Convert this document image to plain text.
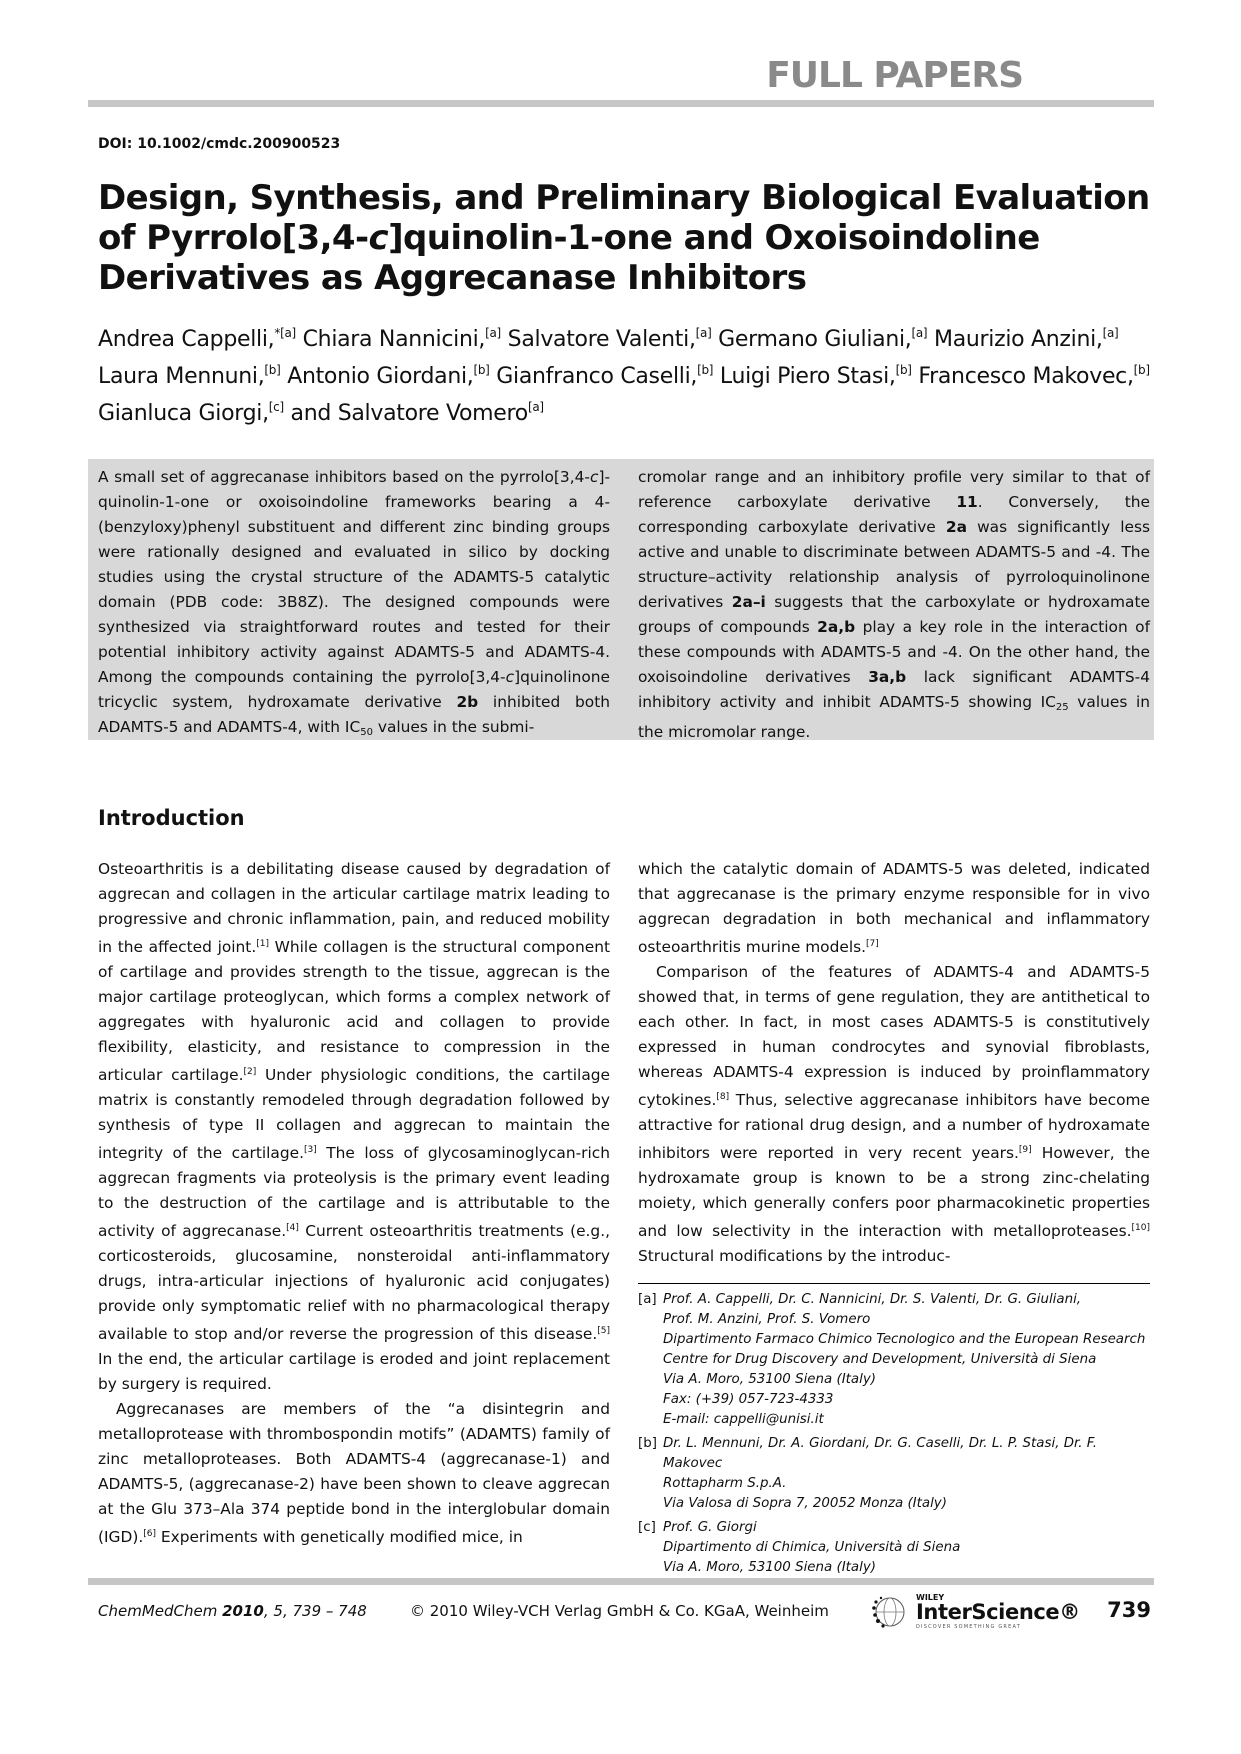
FULL PAPERS
DOI: 10.1002/cmdc.200900523
Design, Synthesis, and Preliminary Biological Evaluation of Pyrrolo[3,4-c]quinolin-1-one and Oxoisoindoline Derivatives as Aggrecanase Inhibitors
Andrea Cappelli,$^{*[a]}$ Chiara Nannicini,[a] Salvatore Valenti,[a] Germano Giuliani,[a] Maurizio Anzini,[a] Laura Mennuni,[b] Antonio Giordani,[b] Gianfranco Caselli,[b] Luigi Piero Stasi,[b] Francesco Makovec,[b] Gianluca Giorgi,[c] and Salvatore Vomero[a]
A small set of aggrecanase inhibitors based on the pyrrolo[3,4-c]-quinolin-1-one or oxoisoindoline frameworks bearing a 4-(benzyloxy)phenyl substituent and different zinc binding groups were rationally designed and evaluated in silico by docking studies using the crystal structure of the ADAMTS-5 catalytic domain (PDB code: 3B8Z). The designed compounds were synthesized via straightforward routes and tested for their potential inhibitory activity against ADAMTS-5 and ADAMTS-4. Among the compounds containing the pyrrolo[3,4-c]quinolinone tricyclic system, hydroxamate derivative 2b inhibited both ADAMTS-5 and ADAMTS-4, with $IC_{50}$ values in the submi-
cromolar range and an inhibitory profile very similar to that of reference carboxylate derivative 11. Conversely, the corresponding carboxylate derivative 2a was significantly less active and unable to discriminate between ADAMTS-5 and -4. The structure–activity relationship analysis of pyrroloquinolinone derivatives 2a–i suggests that the carboxylate or hydroxamate groups of compounds 2a,b play a key role in the interaction of these compounds with ADAMTS-5 and -4. On the other hand, the oxoisoindoline derivatives 3a,b lack significant ADAMTS-4 inhibitory activity and inhibit ADAMTS-5 showing $IC_{25}$ values in the micromolar range.
Introduction

Osteoarthritis is a debilitating disease caused by degradation of aggrecan and collagen in the articular cartilage matrix leading to progressive and chronic inflammation, pain, and reduced mobility in the affected joint.[1] While collagen is the structural component of cartilage and provides strength to the tissue, aggrecan is the major cartilage proteoglycan, which forms a complex network of aggregates with hyaluronic acid and collagen to provide flexibility, elasticity, and resistance to compression in the articular cartilage.[2] Under physiologic conditions, the cartilage matrix is constantly remodeled through degradation followed by synthesis of type II collagen and aggrecan to maintain the integrity of the cartilage.[3] The loss of glycosaminoglycan-rich aggrecan fragments via proteolysis is the primary event leading to the destruction of the cartilage and is attributable to the activity of aggrecanase.[4] Current osteoarthritis treatments (e.g., corticosteroids, glucosamine, nonsteroidal anti-inflammatory drugs, intra-articular injections of hyaluronic acid conjugates) provide only symptomatic relief with no pharmacological therapy available to stop and/or reverse the progression of this disease.[5] In the end, the articular cartilage is eroded and joint replacement by surgery is required.

Aggrecanases are members of the “a disintegrin and metalloprotease with thrombospondin motifs” (ADAMTS) family of zinc metalloproteases. Both ADAMTS-4 (aggrecanase-1) and ADAMTS-5, (aggrecanase-2) have been shown to cleave aggrecan at the Glu 373–Ala 374 peptide bond in the interglobular domain (IGD).[6] Experiments with genetically modified mice, in

which the catalytic domain of ADAMTS-5 was deleted, indicated that aggrecanase is the primary enzyme responsible for in vivo aggrecan degradation in both mechanical and inflammatory osteoarthritis murine models.[7]

Comparison of the features of ADAMTS-4 and ADAMTS-5 showed that, in terms of gene regulation, they are antithetical to each other. In fact, in most cases ADAMTS-5 is constitutively expressed in human condrocytes and synovial fibroblasts, whereas ADAMTS-4 expression is induced by proinflammatory cytokines.[8] Thus, selective aggrecanase inhibitors have become attractive for rational drug design, and a number of hydroxamate inhibitors were reported in very recent years.[9] However, the hydroxamate group is known to be a strong zinc-chelating moiety, which generally confers poor pharmacokinetic properties and low selectivity in the interaction with metalloproteases.[10] Structural modifications by the introduc-

[a] Prof. A. Cappelli, Dr. C. Nannicini, Dr. S. Valenti, Dr. G. Giuliani,
Prof. M. Anzini, Prof. S. Vomero
Dipartimento Farmaco Chimico Tecnologico and the European Research
Centre for Drug Discovery and Development, Università di Siena
Via A. Moro, 53100 Siena (Italy)
Fax: (+39) 057-723-4333
E-mail: cappelli@unisi.it
[b] Dr. L. Mennuni, Dr. A. Giordani, Dr. G. Caselli, Dr. L. P. Stasi, Dr. F. Makovec
Rottapharm S.p.A.
Via Valosa di Sopra 7, 20052 Monza (Italy)
[c] Prof. G. Giorgi
Dipartimento di Chimica, Università di Siena
Via A. Moro, 53100 Siena (Italy)
ChemMedChem 2010, 5, 739 – 748	© 2010 Wiley-VCH Verlag GmbH & Co. KGaA, Weinheim
WILEY
InterScience®
DISCOVER SOMETHING GREAT
739
